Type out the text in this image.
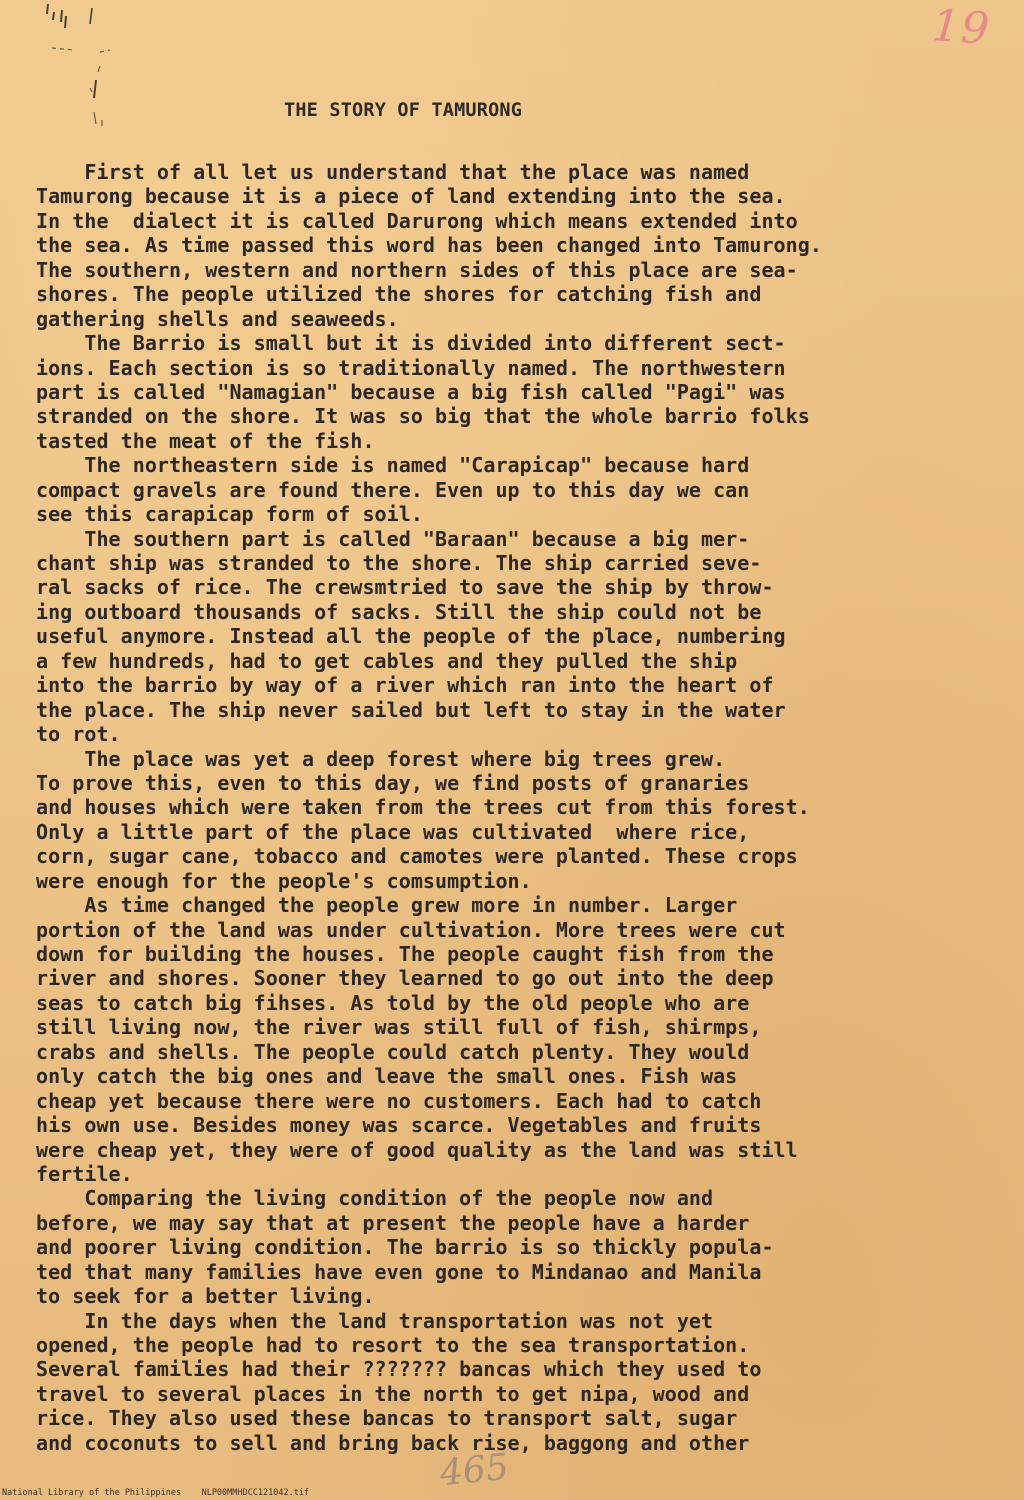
19
THE STORY OF TAMURONG
First of all let us understand that the place was named
Tamurong because it is a piece of land extending into the sea.
In the  dialect it is called Darurong which means extended into
the sea. As time passed this word has been changed into Tamurong.
The southern, western and northern sides of this place are sea-
shores. The people utilized the shores for catching fish and
gathering shells and seaweeds.
The Barrio is small but it is divided into different sect-
ions. Each section is so traditionally named. The northwestern
part is called "Namagian" because a big fish called "Pagi" was
stranded on the shore. It was so big that the whole barrio folks
tasted the meat of the fish.
The northeastern side is named "Carapicap" because hard
compact gravels are found there. Even up to this day we can
see this carapicap form of soil.
The southern part is called "Baraan" because a big mer-
chant ship was stranded to the shore. The ship carried seve-
ral sacks of rice. The crewsmtried to save the ship by throw-
ing outboard thousands of sacks. Still the ship could not be
useful anymore. Instead all the people of the place, numbering
a few hundreds, had to get cables and they pulled the ship
into the barrio by way of a river which ran into the heart of
the place. The ship never sailed but left to stay in the water
to rot.
The place was yet a deep forest where big trees grew.
To prove this, even to this day, we find posts of granaries
and houses which were taken from the trees cut from this forest.
Only a little part of the place was cultivated  where rice,
corn, sugar cane, tobacco and camotes were planted. These crops
were enough for the people's comsumption.
As time changed the people grew more in number. Larger
portion of the land was under cultivation. More trees were cut
down for building the houses. The people caught fish from the
river and shores. Sooner they learned to go out into the deep
seas to catch big fihses. As told by the old people who are
still living now, the river was still full of fish, shirmps,
crabs and shells. The people could catch plenty. They would
only catch the big ones and leave the small ones. Fish was
cheap yet because there were no customers. Each had to catch
his own use. Besides money was scarce. Vegetables and fruits
were cheap yet, they were of good quality as the land was still
fertile.
Comparing the living condition of the people now and
before, we may say that at present the people have a harder
and poorer living condition. The barrio is so thickly popula-
ted that many families have even gone to Mindanao and Manila
to seek for a better living.
In the days when the land transportation was not yet
opened, the people had to resort to the sea transportation.
Several families had their ??????? bancas which they used to
travel to several places in the north to get nipa, wood and
rice. They also used these bancas to transport salt, sugar
and coconuts to sell and bring back rise, baggong and other
465
National Library of the Philippines    NLP00MMHDCC121042.tif
